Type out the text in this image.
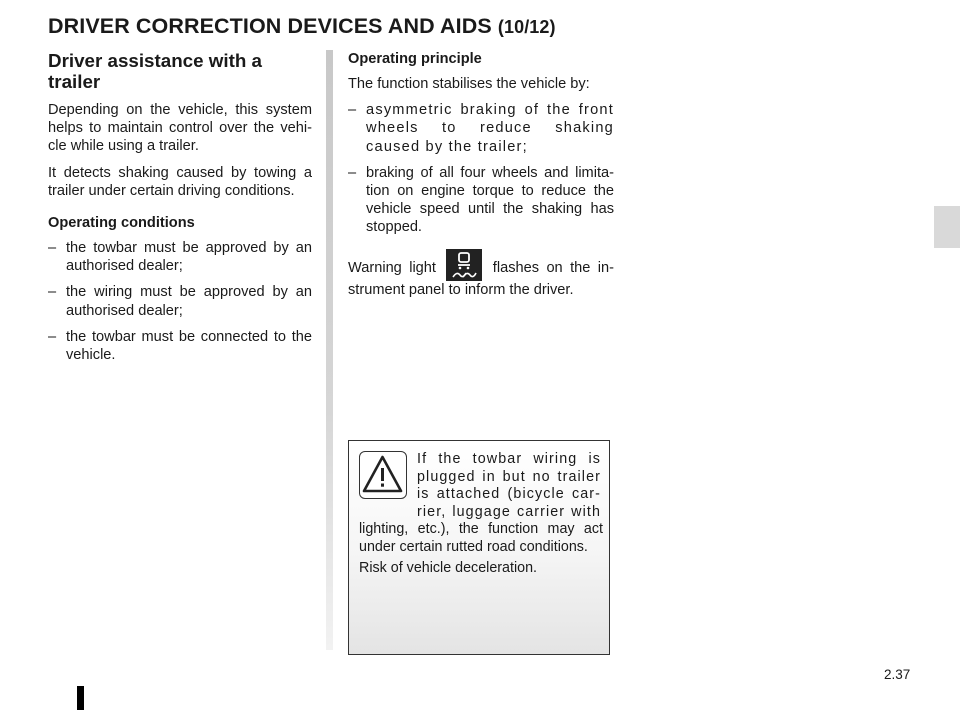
DRIVER CORRECTION DEVICES AND AIDS (10/12)
Driver assistance with a trailer

Depending on the vehicle, this system helps to maintain control over the vehi-cle while using a trailer.

It detects shaking caused by towing a trailer under certain driving conditions.

Operating conditions
– the towbar must be approved by an authorised dealer;
– the wiring must be approved by an authorised dealer;
– the towbar must be connected to the vehicle.
Operating principle

The function stabilises the vehicle by:

– asymmetric braking of the front wheels to reduce shaking caused by the trailer;
– braking of all four wheels and limita-tion on engine torque to reduce the vehicle speed until the shaking has stopped.

Warning light	flashes on the in-strument panel to inform the driver.

If the towbar wiring is plugged in but no trailer is attached (bicycle car-rier, luggage carrier with
lighting, etc.), the function may act under certain rutted road conditions.
Risk of vehicle deceleration.
2.37
